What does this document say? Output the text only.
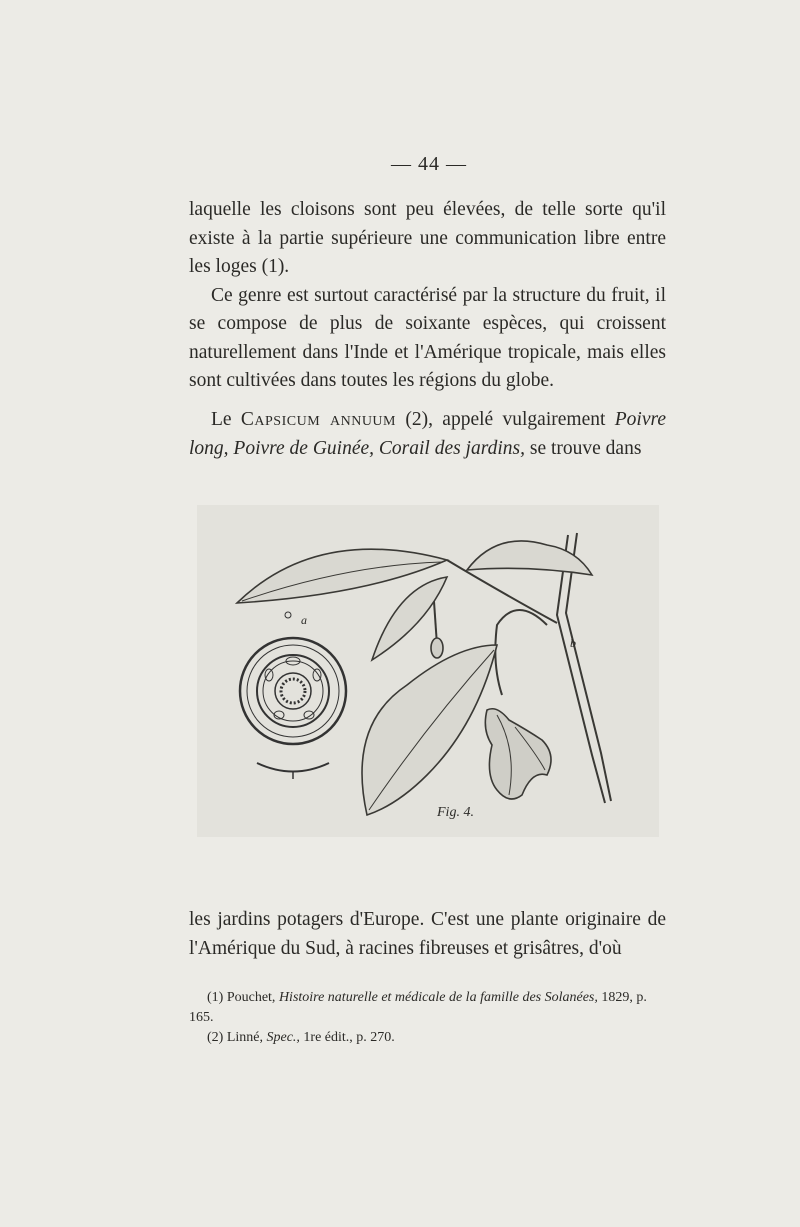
— 44 —

laquelle les cloisons sont peu élevées, de telle sorte qu'il existe à la partie supérieure une communication libre entre les loges (1).

Ce genre est surtout caractérisé par la structure du fruit, il se compose de plus de soixante espèces, qui croissent naturellement dans l'Inde et l'Amérique tropicale, mais elles sont cultivées dans toutes les régions du globe.

Le Capsicum annuum (2), appelé vulgairement Poivre long, Poivre de Guinée, Corail des jardins, se trouve dans

a
b
Fig. 4.

les jardins potagers d'Europe. C'est une plante originaire de l'Amérique du Sud, à racines fibreuses et grisâtres, d'où

(1) Pouchet, Histoire naturelle et médicale de la famille des Solanées, 1829, p. 165.

(2) Linné, Spec., 1re édit., p. 270.
